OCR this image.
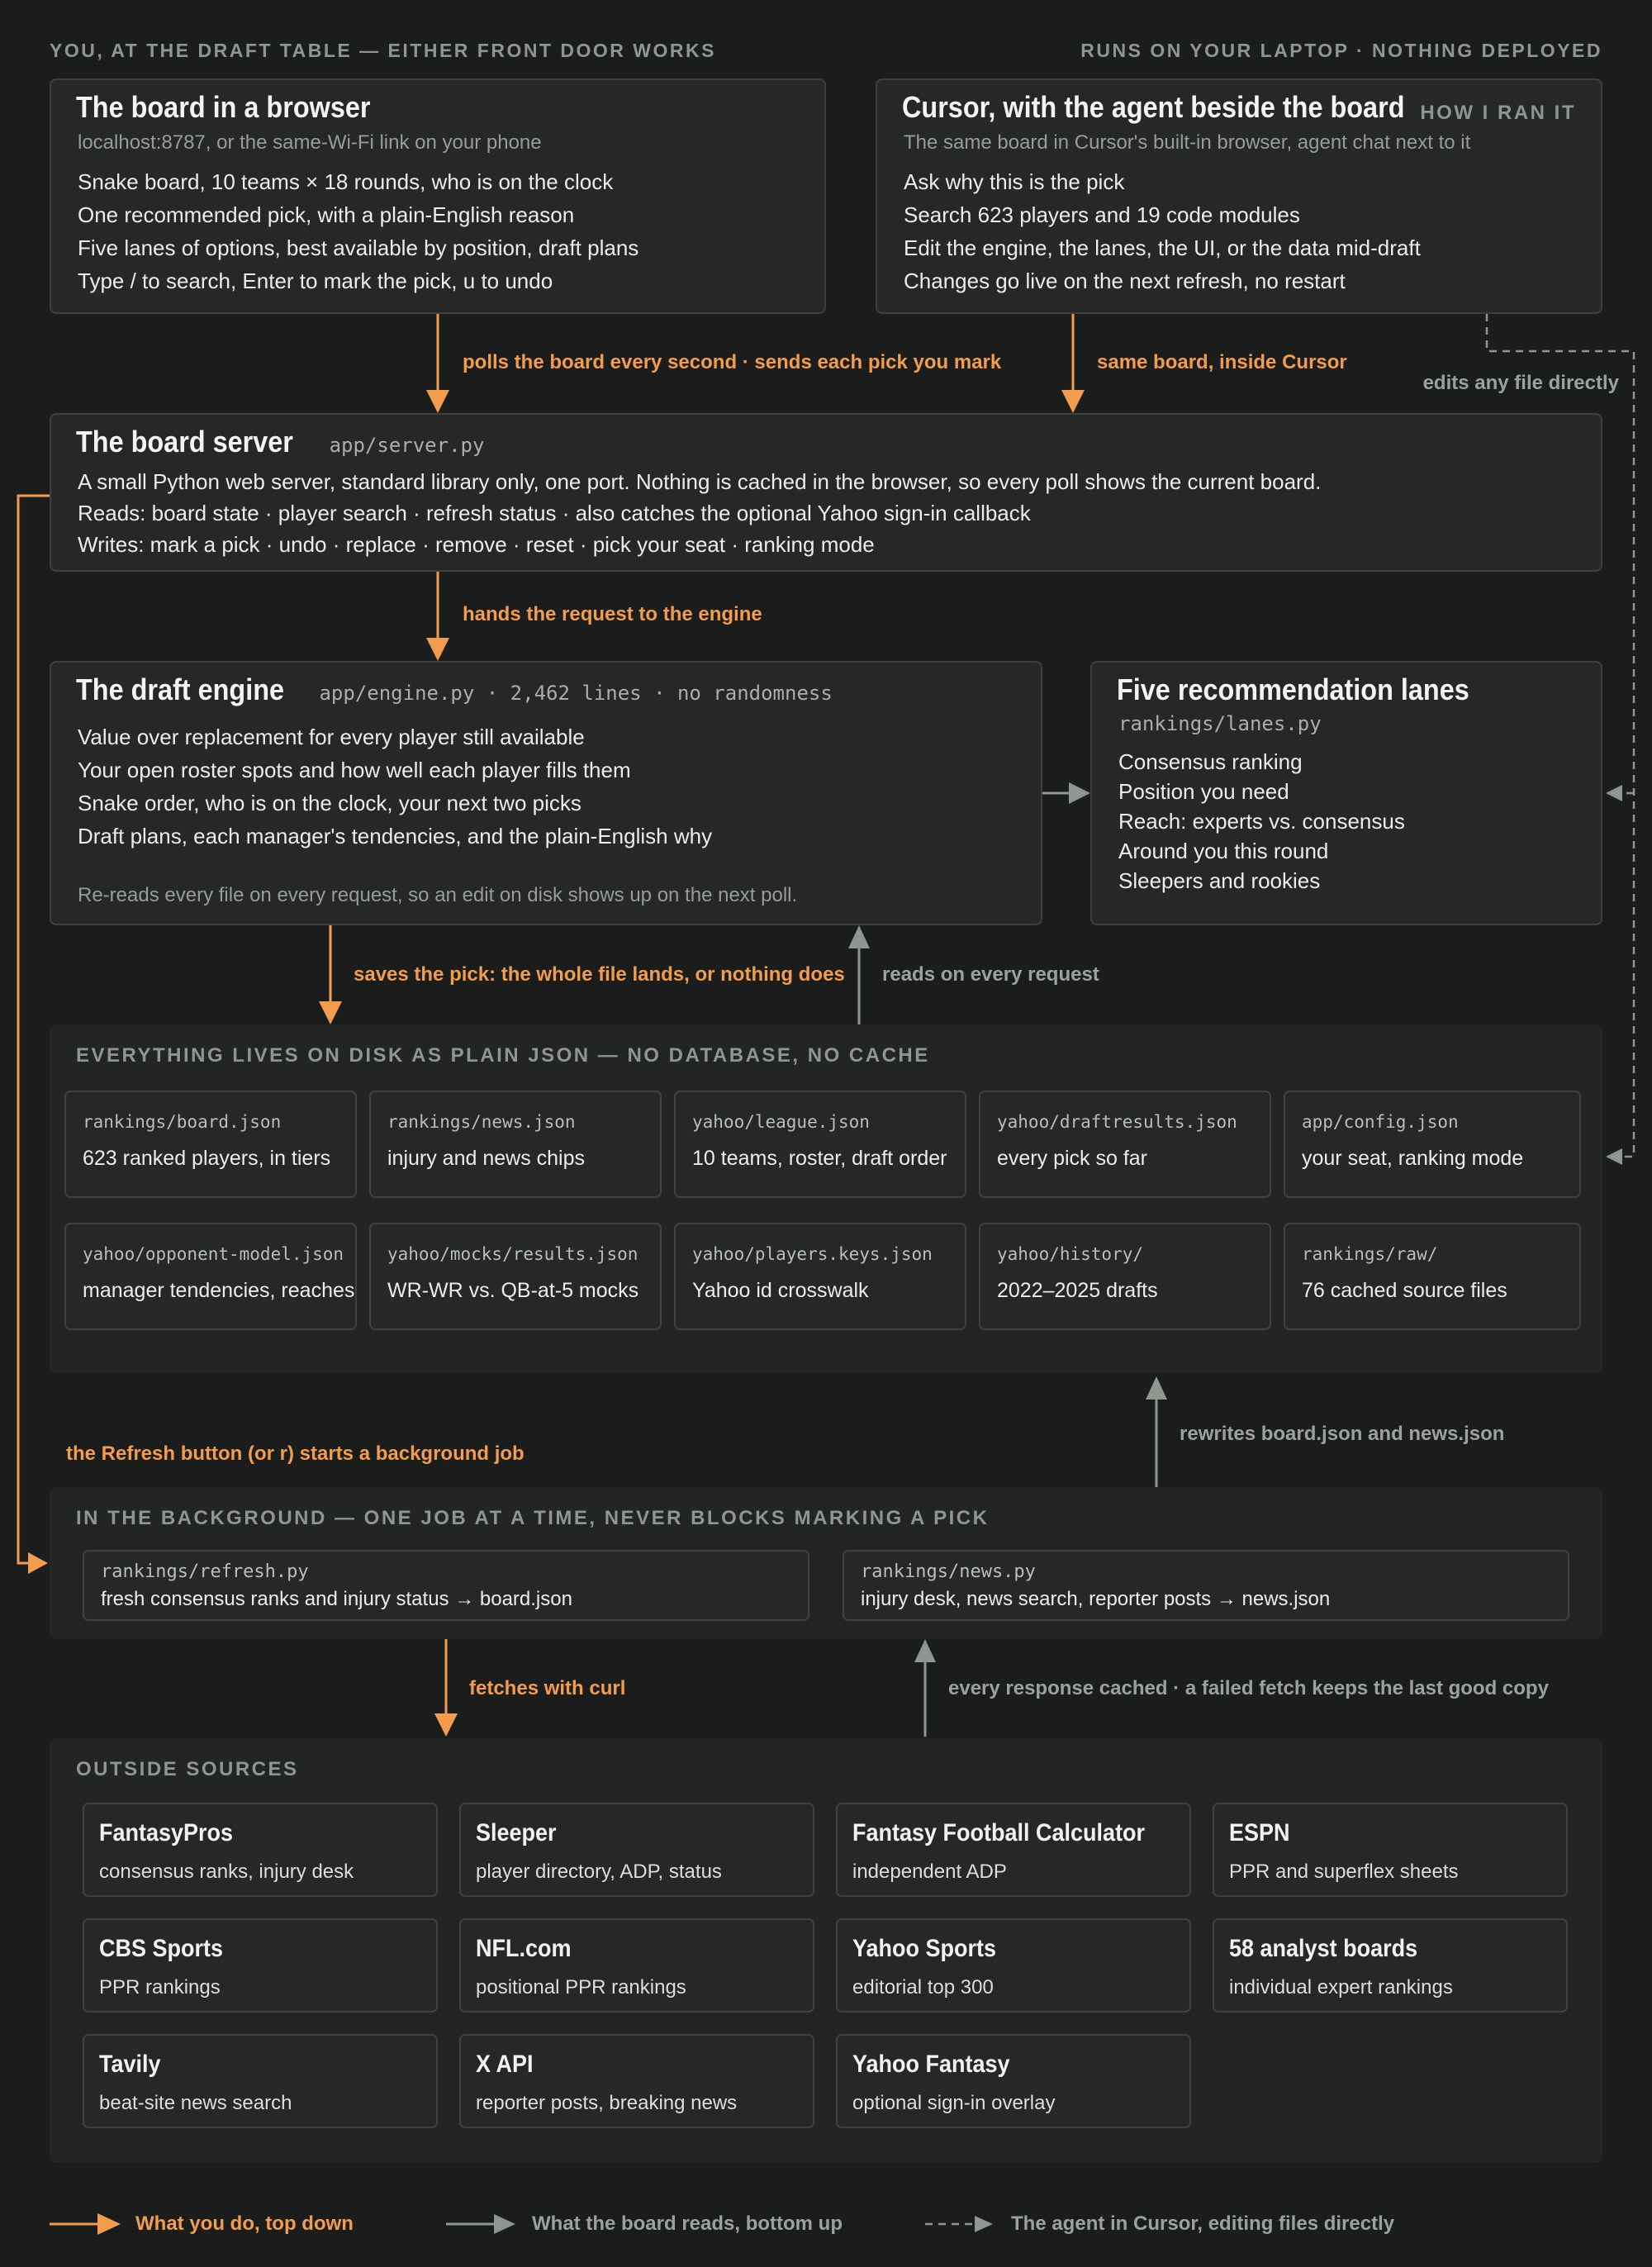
YOU, AT THE DRAFT TABLE — EITHER FRONT DOOR WORKS	RUNS ON YOUR LAPTOP · NOTHING DEPLOYED
The board in a browser
localhost:8787, or the same-Wi-Fi link on your phone
Snake board, 10 teams × 18 rounds, who is on the clock
One recommended pick, with a plain-English reason
Five lanes of options, best available by position, draft plans
Type / to search, Enter to mark the pick, u to undo
Cursor, with the agent beside the board HOW I RAN IT
The same board in Cursor's built-in browser, agent chat next to it
Ask why this is the pick
Search 623 players and 19 code modules
Edit the engine, the lanes, the UI, or the data mid-draft
Changes go live on the next refresh, no restart
polls the board every second · sends each pick you mark	same board, inside Cursor
edits any file directly
The board server app/server.py
A small Python web server, standard library only, one port. Nothing is cached in the browser, so every poll shows the current board.
Reads: board state · player search · refresh status · also catches the optional Yahoo sign-in callback
Writes: mark a pick · undo · replace · remove · reset · pick your seat · ranking mode
hands the request to the engine
The draft engine app/engine.py · 2,462 lines · no randomness
Value over replacement for every player still available
Your open roster spots and how well each player fills them
Snake order, who is on the clock, your next two picks
Draft plans, each manager's tendencies, and the plain-English why
Re-reads every file on every request, so an edit on disk shows up on the next poll.
Five recommendation lanes
rankings/lanes.py
Consensus ranking
Position you need
Reach: experts vs. consensus
Around you this round
Sleepers and rookies
saves the pick: the whole file lands, or nothing does reads on every request
EVERYTHING LIVES ON DISK AS PLAIN JSON — NO DATABASE, NO CACHE
rankings/board.json
623 ranked players, in tiers
rankings/news.json
injury and news chips
yahoo/league.json
10 teams, roster, draft order
yahoo/draftresults.json
every pick so far
app/config.json
your seat, ranking mode
yahoo/opponent-model.json
manager tendencies, reaches
yahoo/mocks/results.json
WR-WR vs. QB-at-5 mocks
yahoo/players.keys.json
Yahoo id crosswalk
yahoo/history/
2022–2025 drafts
rankings/raw/
76 cached source files
the Refresh button (or r) starts a background job
rewrites board.json and news.json
IN THE BACKGROUND — ONE JOB AT A TIME, NEVER BLOCKS MARKING A PICK
rankings/refresh.py
fresh consensus ranks and injury status → board.json
rankings/news.py
injury desk, news search, reporter posts → news.json
fetches with curl	every response cached · a failed fetch keeps the last good copy
OUTSIDE SOURCES
FantasyPros
consensus ranks, injury desk
Sleeper
player directory, ADP, status
Fantasy Football Calculator
independent ADP
ESPN
PPR and superflex sheets
CBS Sports
PPR rankings
NFL.com
positional PPR rankings
Yahoo Sports
editorial top 300
58 analyst boards
individual expert rankings
Tavily
beat-site news search
X API
reporter posts, breaking news
Yahoo Fantasy
optional sign-in overlay
What you do, top down	What the board reads, bottom up	The agent in Cursor, editing files directly
